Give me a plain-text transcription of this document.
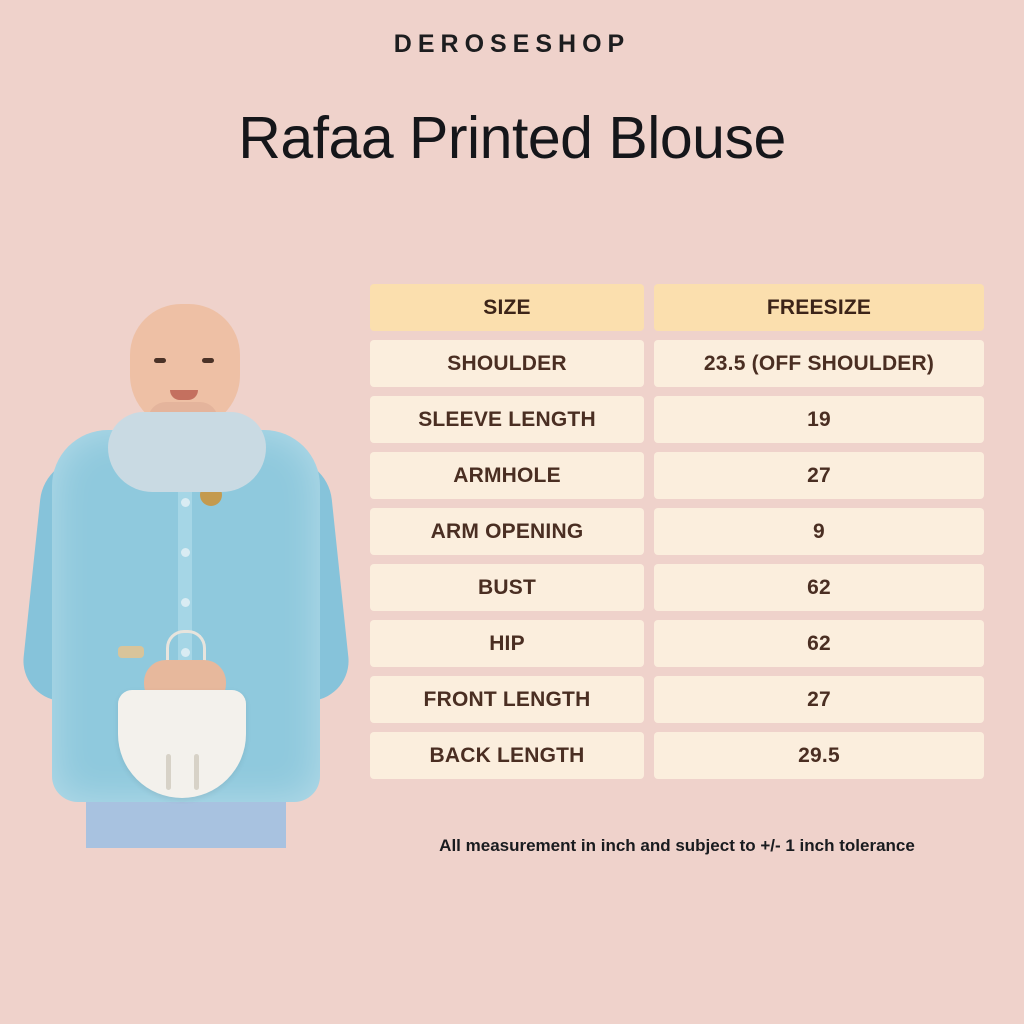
DEROSESHOP
Rafaa Printed Blouse
SIZE	FREESIZE
SHOULDER	23.5 (OFF SHOULDER)
SLEEVE LENGTH	19
ARMHOLE	27
ARM OPENING	9
BUST	62
HIP	62
FRONT LENGTH	27
BACK LENGTH	29.5
All measurement in inch and subject to +/- 1 inch tolerance
